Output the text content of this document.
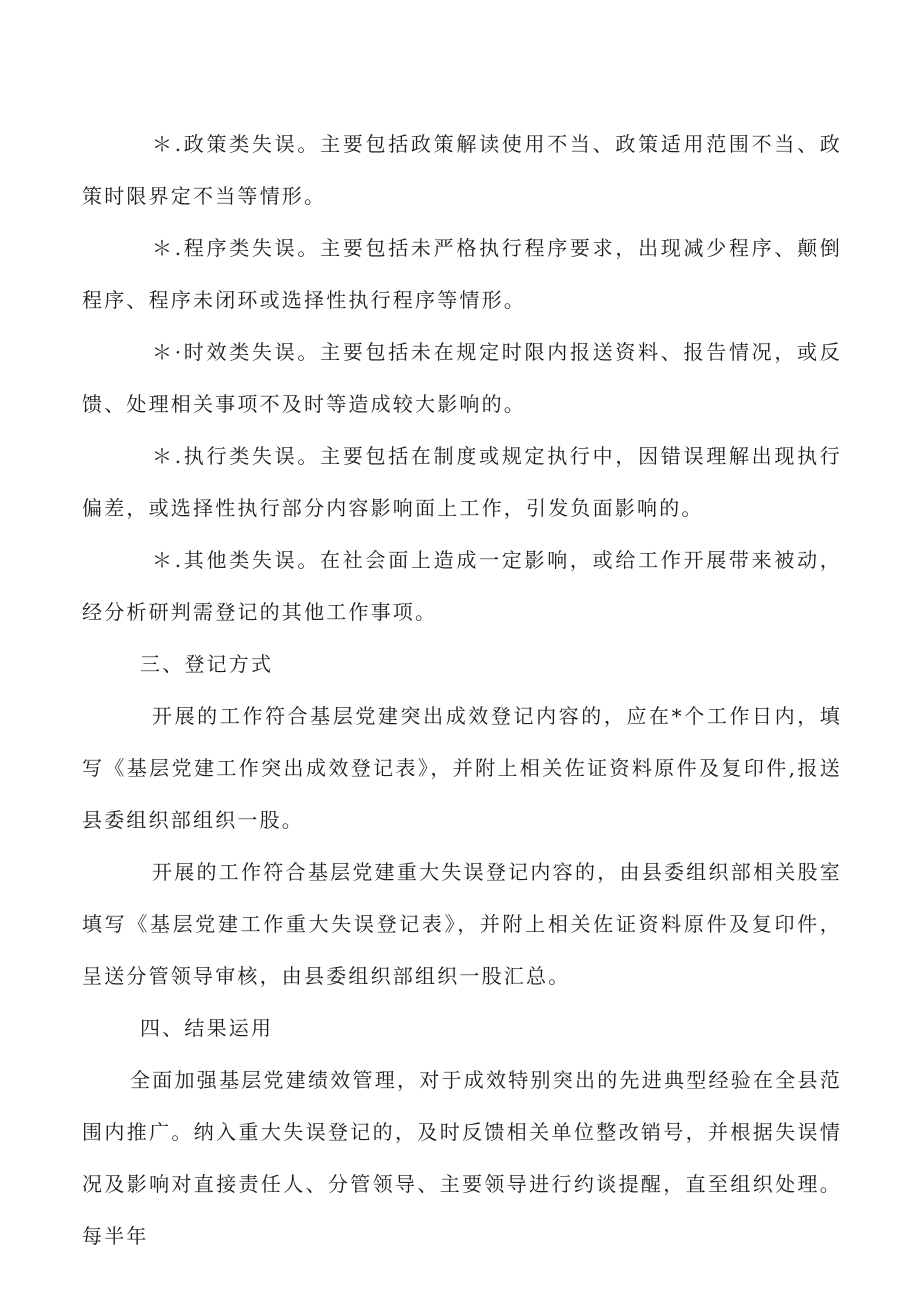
＊.政策类失误。主要包括政策解读使用不当、政策适用范围不当、政策时限界定不当等情形。

＊.程序类失误。主要包括未严格执行程序要求，出现减少程序、颠倒程序、程序未闭环或选择性执行程序等情形。

＊·时效类失误。主要包括未在规定时限内报送资料、报告情况，或反馈、处理相关事项不及时等造成较大影响的。

＊.执行类失误。主要包括在制度或规定执行中，因错误理解出现执行偏差，或选择性执行部分内容影响面上工作，引发负面影响的。

＊.其他类失误。在社会面上造成一定影响，或给工作开展带来被动，经分析研判需登记的其他工作事项。

三、登记方式

开展的工作符合基层党建突出成效登记内容的，应在*个工作日内，填写《基层党建工作突出成效登记表》，并附上相关佐证资料原件及复印件,报送县委组织部组织一股。

开展的工作符合基层党建重大失误登记内容的，由县委组织部相关股室填写《基层党建工作重大失误登记表》，并附上相关佐证资料原件及复印件，呈送分管领导审核，由县委组织部组织一股汇总。

四、结果运用

全面加强基层党建绩效管理，对于成效特别突出的先进典型经验在全县范围内推广。纳入重大失误登记的，及时反馈相关单位整改销号，并根据失误情况及影响对直接责任人、分管领导、主要领导进行约谈提醒，直至组织处理。每半年
